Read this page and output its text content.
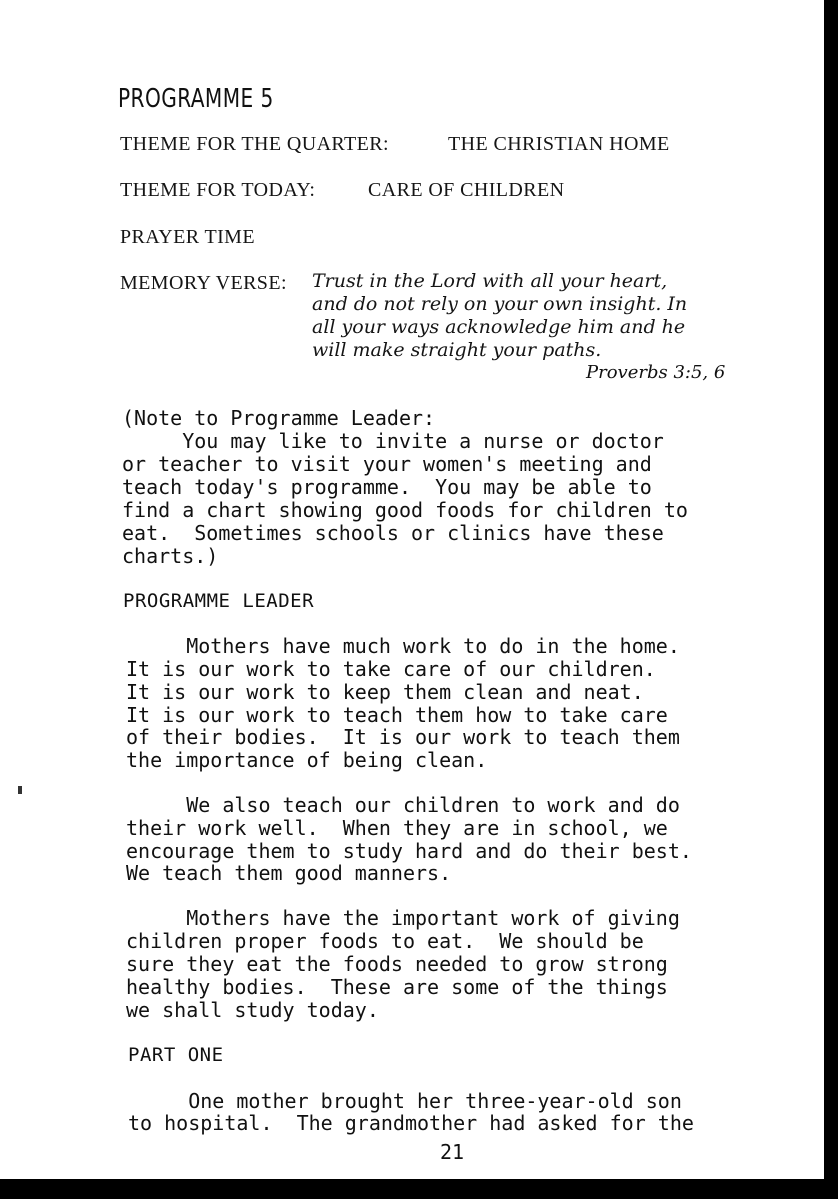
PROGRAMME 5
THEME FOR THE QUARTER:	THE CHRISTIAN HOME
THEME FOR TODAY:	CARE OF CHILDREN
PRAYER TIME
MEMORY VERSE: Trust in the Lord with all your heart,
and do not rely on your own insight. In
all your ways acknowledge him and he
will make straight your paths.
Proverbs 3:5, 6
(Note to Programme Leader:
You may like to invite a nurse or doctor
or teacher to visit your women's meeting and
teach today's programme.  You may be able to
find a chart showing good foods for children to
eat.  Sometimes schools or clinics have these
charts.)
PROGRAMME LEADER
Mothers have much work to do in the home.
It is our work to take care of our children.
It is our work to keep them clean and neat.
It is our work to teach them how to take care
of their bodies.  It is our work to teach them
the importance of being clean.
We also teach our children to work and do
their work well.  When they are in school, we
encourage them to study hard and do their best.
We teach them good manners.
Mothers have the important work of giving
children proper foods to eat.  We should be
sure they eat the foods needed to grow strong
healthy bodies.  These are some of the things
we shall study today.
PART ONE
One mother brought her three-year-old son
to hospital.  The grandmother had asked for the
21
